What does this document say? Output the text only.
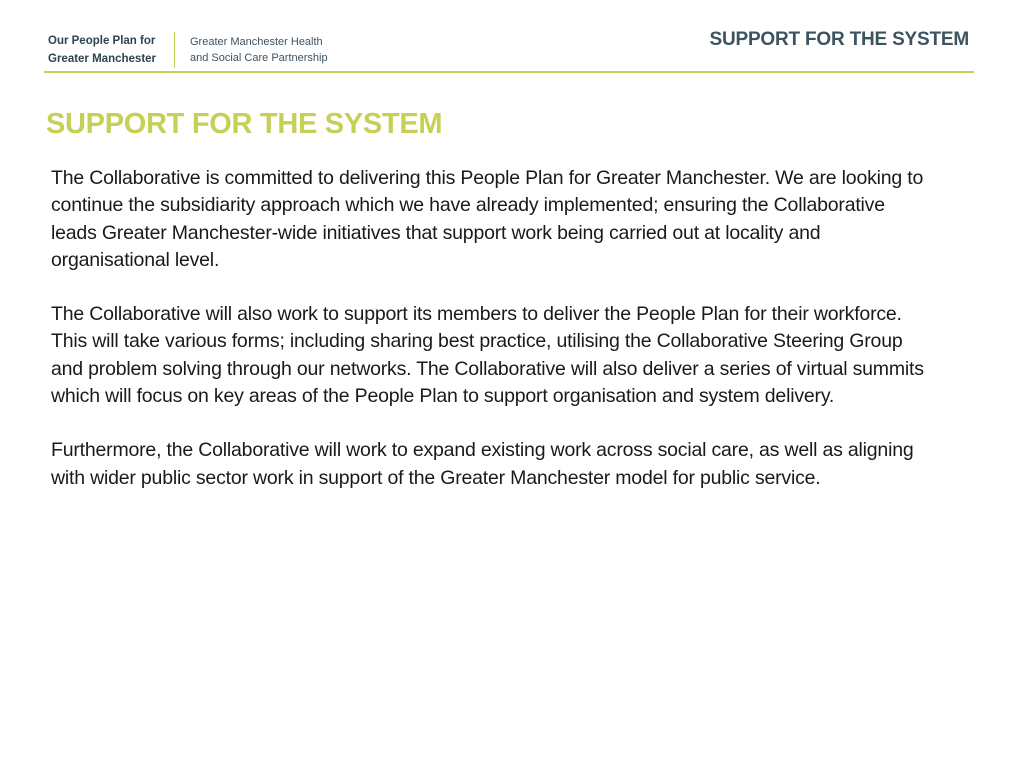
Our People Plan for
Greater Manchester
Greater Manchester Health
and Social Care Partnership
SUPPORT FOR THE SYSTEM
SUPPORT FOR THE SYSTEM

The Collaborative is committed to delivering this People Plan for Greater Manchester. We are looking to continue the subsidiarity approach which we have already implemented; ensuring the Collaborative leads Greater Manchester-wide initiatives that support work being carried out at locality and organisational level.

The Collaborative will also work to support its members to deliver the People Plan for their workforce. This will take various forms; including sharing best practice, utilising the Collaborative Steering Group and problem solving through our networks. The Collaborative will also deliver a series of virtual summits which will focus on key areas of the People Plan to support organisation and system delivery.

Furthermore, the Collaborative will work to expand existing work across social care, as well as aligning with wider public sector work in support of the Greater Manchester model for public service.
